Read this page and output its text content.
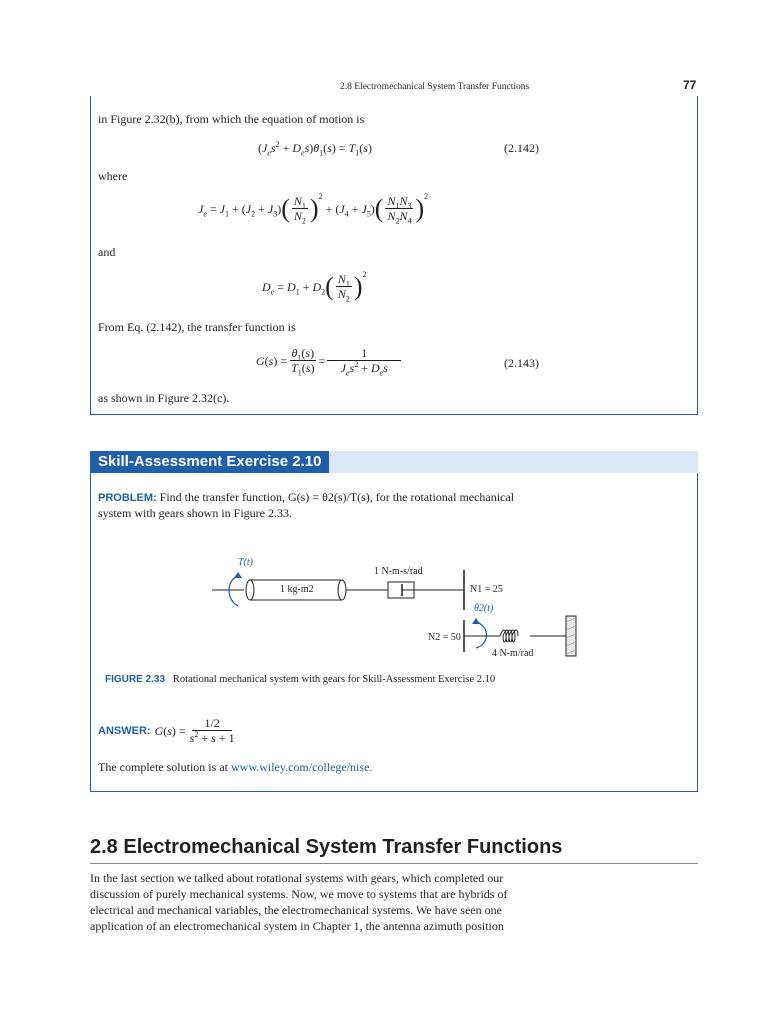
2.8 Electromechanical System Transfer Functions	77
in Figure 2.32(b), from which the equation of motion is
$(J_es^2 + D_es)\theta_1(s) = T_1(s)$	(2.142)
where
$J_e = J_1 + (J_2 + J_3)$ ( $\frac{N_1}{N_2} )^2$
+ $(J_4 + J_5)$ ( $\frac{N_1N_3}{N_2N_4} )^2$
and
$D_e = D_1 + D_2$ ( $\frac{N_1}{N_2} )^2$
From Eq. (2.142), the transfer function is
$G(s) = \frac{\theta_1(s)}{T_1(s)} = \frac{1}{J_es^2 + D_es}$	(2.143)
as shown in Figure 2.32(c).
Skill-Assessment Exercise 2.10
PROBLEM: Find the transfer function, G(s) = θ2(s)/T(s), for the rotational mechanical
system with gears shown in Figure 2.33.
T(t)
1 kg-m2
1 N-m-s/rad
N1 = 25
θ2(t)
N2 = 50
4 N-m/rad
FIGURE 2.33 Rotational mechanical system with gears for Skill-Assessment Exercise 2.10
ANSWER: $G(s) = \frac{1/2}{s^2 + s + 1}$
The complete solution is at www.wiley.com/college/nise.
2.8 Electromechanical System Transfer Functions
In the last section we talked about rotational systems with gears, which completed our
discussion of purely mechanical systems. Now, we move to systems that are hybrids of
electrical and mechanical variables, the electromechanical systems. We have seen one
application of an electromechanical system in Chapter 1, the antenna azimuth position
